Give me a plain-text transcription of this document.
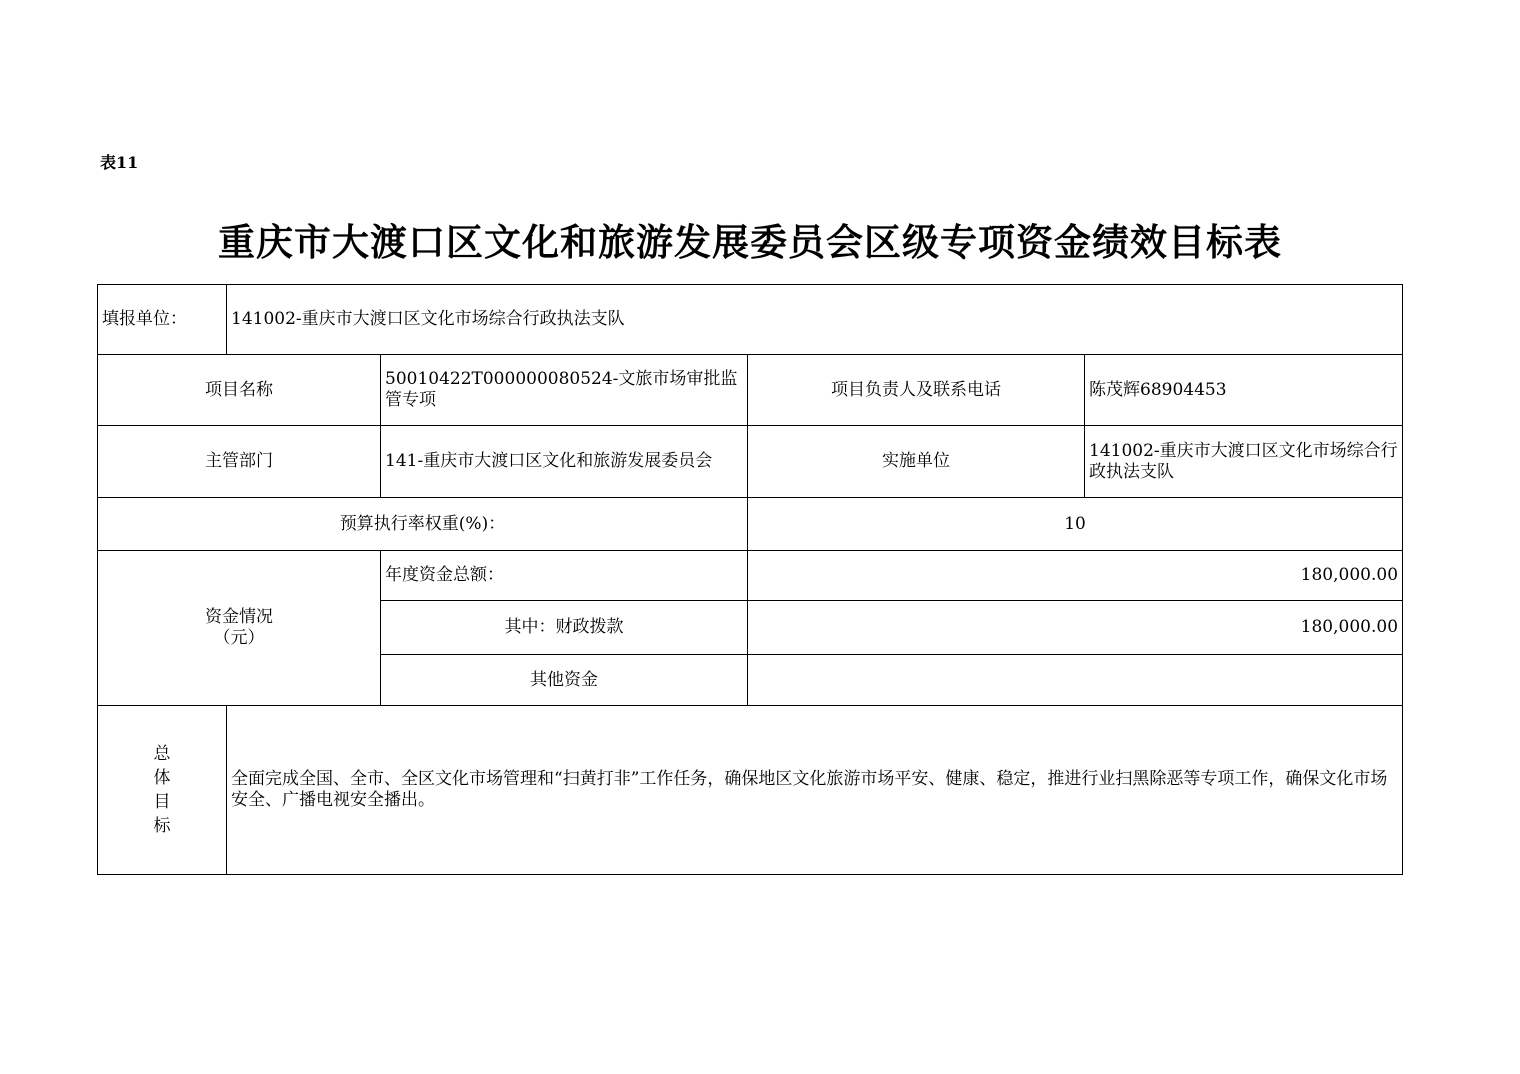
表11
重庆市大渡口区文化和旅游发展委员会区级专项资金绩效目标表
填报单位：	141002-重庆市大渡口区文化市场综合行政执法支队			
项目名称		50010422T000000080524-文旅市场审批监管专项	项目负责人及联系电话	陈茂辉68904453
主管部门		141-重庆市大渡口区文化和旅游发展委员会	实施单位	141002-重庆市大渡口区文化市场综合行政执法支队
预算执行率权重(%)：			10	

资金情况
（元）		年度资金总额：	180,000.00	
		其中：财政拨款	180,000.00	
		其他资金		

总
体
目
标	全面完成全国、全市、全区文化市场管理和“扫黄打非”工作任务，确保地区文化旅游市场平安、健康、稳定，推进行业扫黑除恶等专项工作，确保文化市场安全、广播电视安全播出。			
